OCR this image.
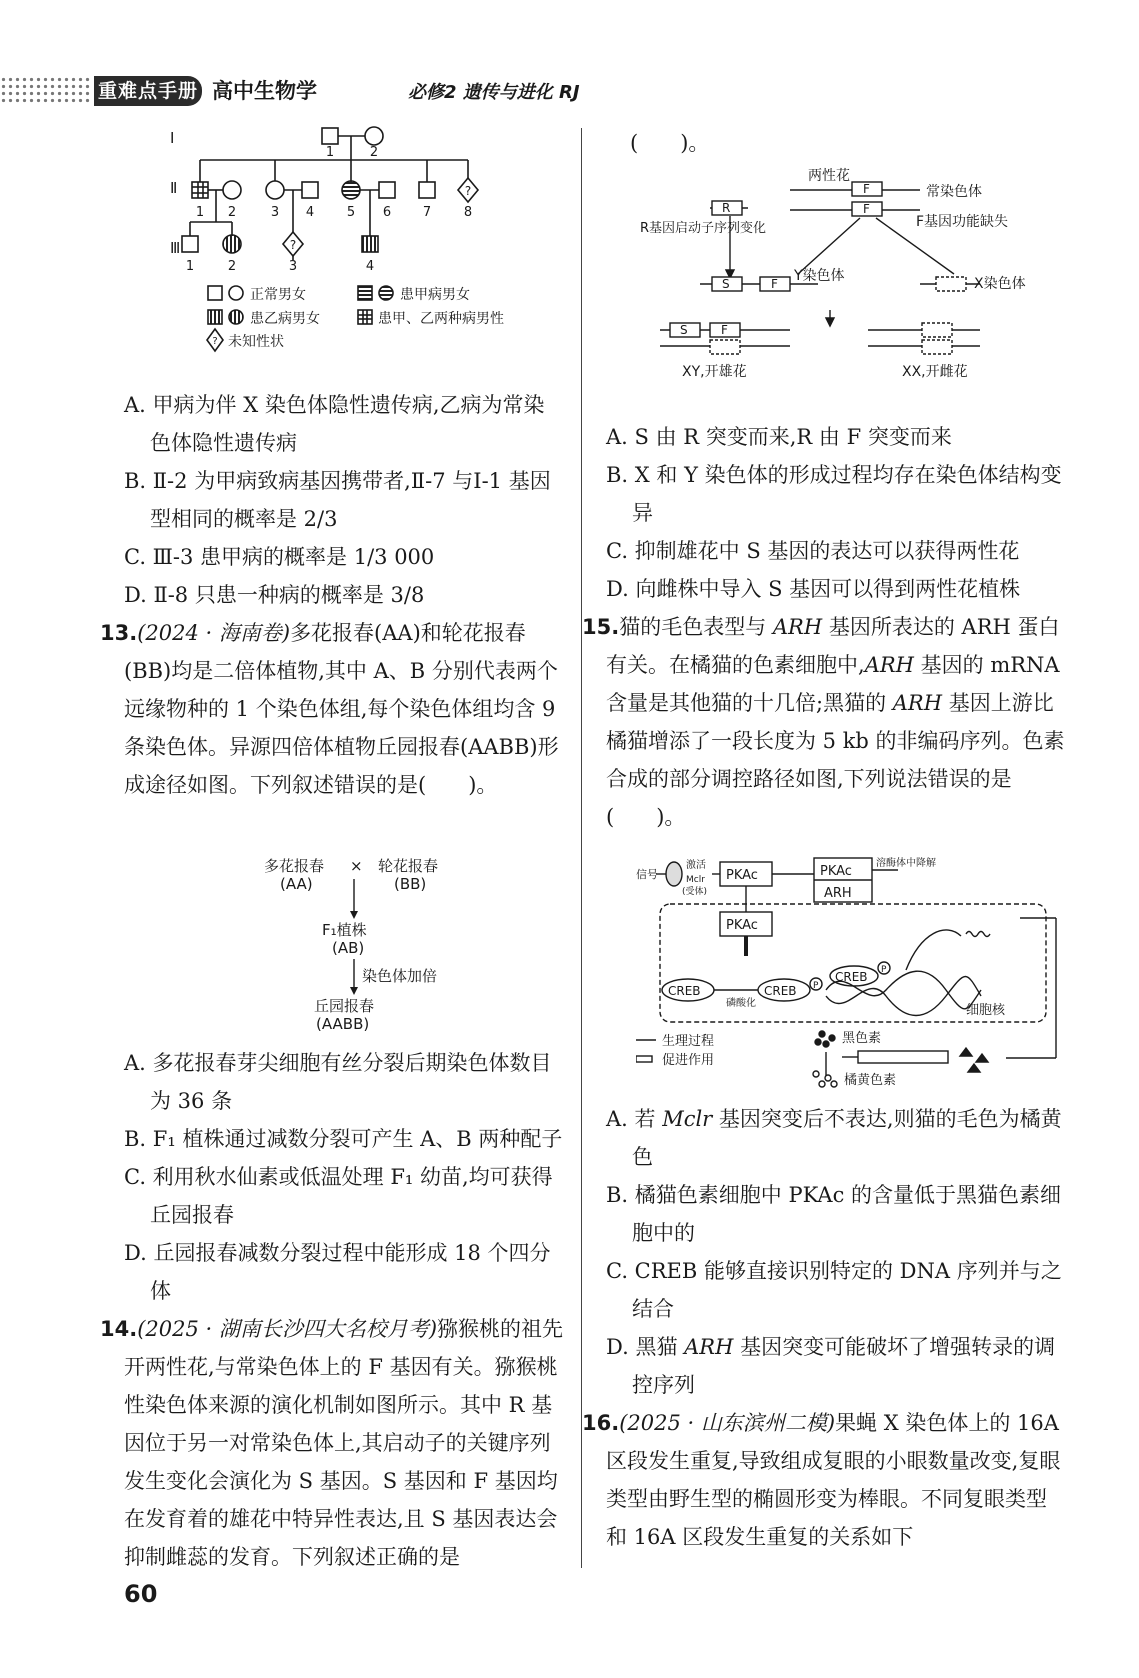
重难点手册 高中生物学	必修2 遗传与进化 RJ
Ⅰ
Ⅱ	?
1 2	3 4	5 6 7	8
1	2
Ⅲ	?
1	2	3	4
正常男女	患甲病男女
患乙病男女	患甲、乙两种病男性
? 未知性状

A. 甲病为伴 X 染色体隐性遗传病,乙病为常染色体隐性遗传病

B. Ⅱ-2 为甲病致病基因携带者,Ⅱ-7 与Ⅰ-1 基因型相同的概率是 2/3

C. Ⅲ-3 患甲病的概率是 1/3 000

D. Ⅱ-8 只患一种病的概率是 3/8

13.(2024 · 海南卷)多花报春(AA)和轮花报春(BB)均是二倍体植物,其中 A、B 分别代表两个远缘物种的 1 个染色体组,每个染色体组均含 9 条染色体。异源四倍体植物丘园报春(AABB)形成途径如图。下列叙述错误的是(　　)。

多花报春
(AA)
× 轮花报春
(BB)
F₁植株
(AB)
染色体加倍
丘园报春
(AABB)

A. 多花报春芽尖细胞有丝分裂后期染色体数目为 36 条

B. F₁ 植株通过减数分裂可产生 A、B 两种配子

C. 利用秋水仙素或低温处理 F₁ 幼苗,均可获得丘园报春

D. 丘园报春减数分裂过程中能形成 18 个四分体

14.(2025 · 湖南长沙四大名校月考)猕猴桃的祖先开两性花,与常染色体上的 F 基因有关。猕猴桃性染色体来源的演化机制如图所示。其中 R 基因位于另一对常染色体上,其启动子的关键序列发生变化会演化为 S 基因。S 基因和 F 基因均在发育着的雄花中特异性表达,且 S 基因表达会抑制雌蕊的发育。下列叙述正确的是

60
(　　)。
两性花
F
F
常染色体
F基因功能缺失
R
R基因启动子序列变化
S	F Y染色体	X染色体
S	F
XY,开雄花	XX,开雌花

A. S 由 R 突变而来,R 由 F 突变而来

B. X 和 Y 染色体的形成过程均存在染色体结构变异

C. 抑制雄花中 S 基因的表达可以获得两性花

D. 向雌株中导入 S 基因可以得到两性花植株

15.猫的毛色表型与 ARH 基因所表达的 ARH 蛋白有关。在橘猫的色素细胞中,ARH 基因的 mRNA 含量是其他猫的十几倍;黑猫的 ARH 基因上游比橘猫增添了一段长度为 5 kb 的非编码序列。色素合成的部分调控路径如图,下列说法错误的是(　　)。

信号
激活
Mclr
(受体)
PKAc	PKAc
ARH
溶酶体中降解
PKAc
CREB
磷酸化
CREB P
CREB P
细胞核
黑色素
橘黄色素
生理过程
促进作用

A. 若 Mclr 基因突变后不表达,则猫的毛色为橘黄色

B. 橘猫色素细胞中 PKAc 的含量低于黑猫色素细胞中的

C. CREB 能够直接识别特定的 DNA 序列并与之结合

D. 黑猫 ARH 基因突变可能破坏了增强转录的调控序列

16.(2025 · 山东滨州二模)果蝇 X 染色体上的 16A 区段发生重复,导致组成复眼的小眼数量改变,复眼类型由野生型的椭圆形变为棒眼。不同复眼类型和 16A 区段发生重复的关系如下
